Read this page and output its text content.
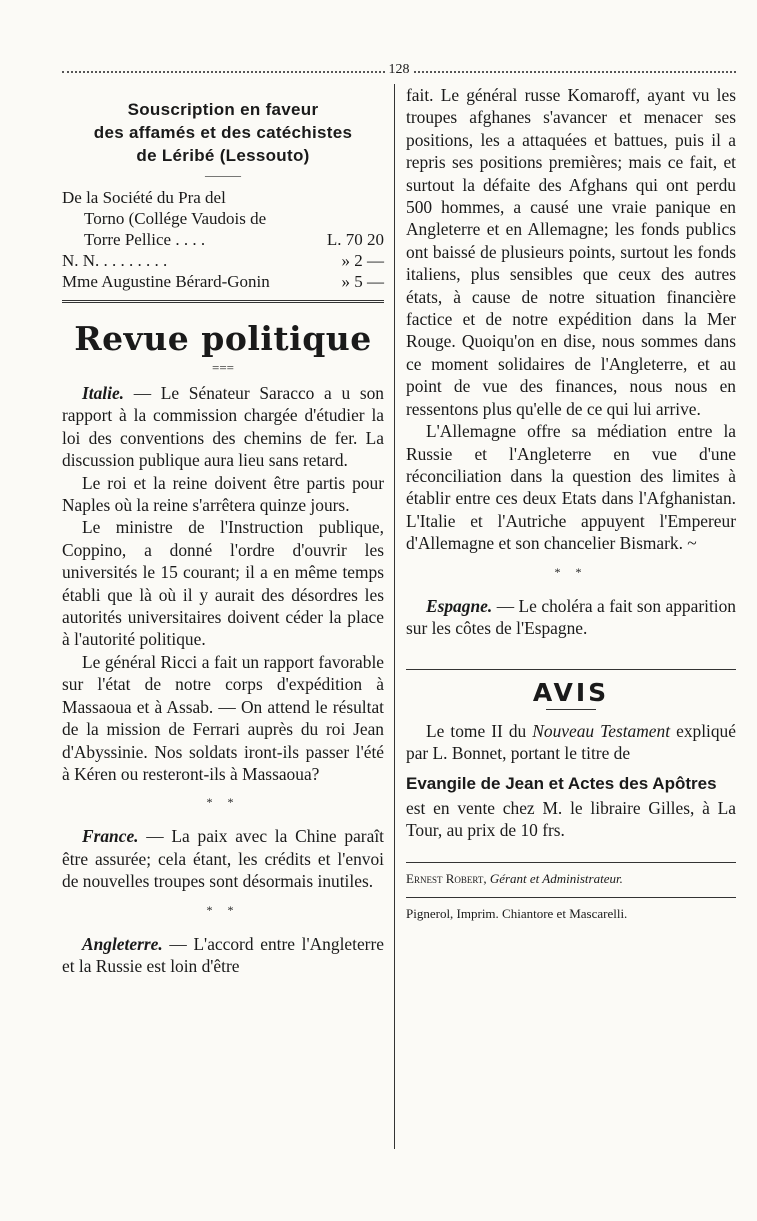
128
Souscription en faveur
des affamés et des catéchistes
de Léribé (Lessouto)
———
De la Société du Pra del
Torno (Collége Vaudois de
Torre Pellice . . . .	L. 70 20
N. N. . . . . . . . .	» 2 —
Mme Augustine Bérard-Gonin	» 5 —
Revue politique
===

Italie. — Le Sénateur Saracco a u son rapport à la commission chargée d'étudier la loi des conventions des chemins de fer. La discussion publique aura lieu sans retard.

Le roi et la reine doivent être partis pour Naples où la reine s'arrêtera quinze jours.

Le ministre de l'Instruction publique, Coppino, a donné l'ordre d'ouvrir les universités le 15 courant; il a en même temps établi que là où il y aurait des désordres les autorités universitaires doivent céder la place à l'autorité politique.

Le général Ricci a fait un rapport favorable sur l'état de notre corps d'expédition à Massaoua et à Assab. — On attend le résultat de la mission de Ferrari auprès du roi Jean d'Abyssinie. Nos soldats iront-ils passer l'été à Kéren ou resteront-ils à Massaoua?

* *

France. — La paix avec la Chine paraît être assurée; cela étant, les crédits et l'envoi de nouvelles troupes sont désormais inutiles.

* *

Angleterre. — L'accord entre l'Angleterre et la Russie est loin d'être

fait. Le général russe Komaroff, ayant vu les troupes afghanes s'avancer et menacer ses positions, les a attaquées et battues, puis il a repris ses positions premières; mais ce fait, et surtout la défaite des Afghans qui ont perdu 500 hommes, a causé une vraie panique en Angleterre et en Allemagne; les fonds publics ont baissé de plusieurs points, surtout les fonds italiens, plus sensibles que ceux des autres états, à cause de notre situation financière factice et de notre expédition dans la Mer Rouge. Quoiqu'on en dise, nous sommes dans ce moment solidaires de l'Angleterre, et au point de vue des finances, nous nous en ressentons plus qu'elle de ce qui lui arrive.

L'Allemagne offre sa médiation entre la Russie et l'Angleterre en vue d'une réconciliation dans la question des limites à établir entre ces deux Etats dans l'Afghanistan. L'Italie et l'Autriche appuyent l'Empereur d'Allemagne et son chancelier Bismark. ~

* *

Espagne. — Le choléra a fait son apparition sur les côtes de l'Espagne.

AVIS

Le tome II du Nouveau Testament expliqué par L. Bonnet, portant le titre de

Evangile de Jean et Actes des Apôtres

est en vente chez M. le libraire Gilles, à La Tour, au prix de 10 frs.

Ernest Robert, Gérant et Administrateur.
Pignerol, Imprim. Chiantore et Mascarelli.
